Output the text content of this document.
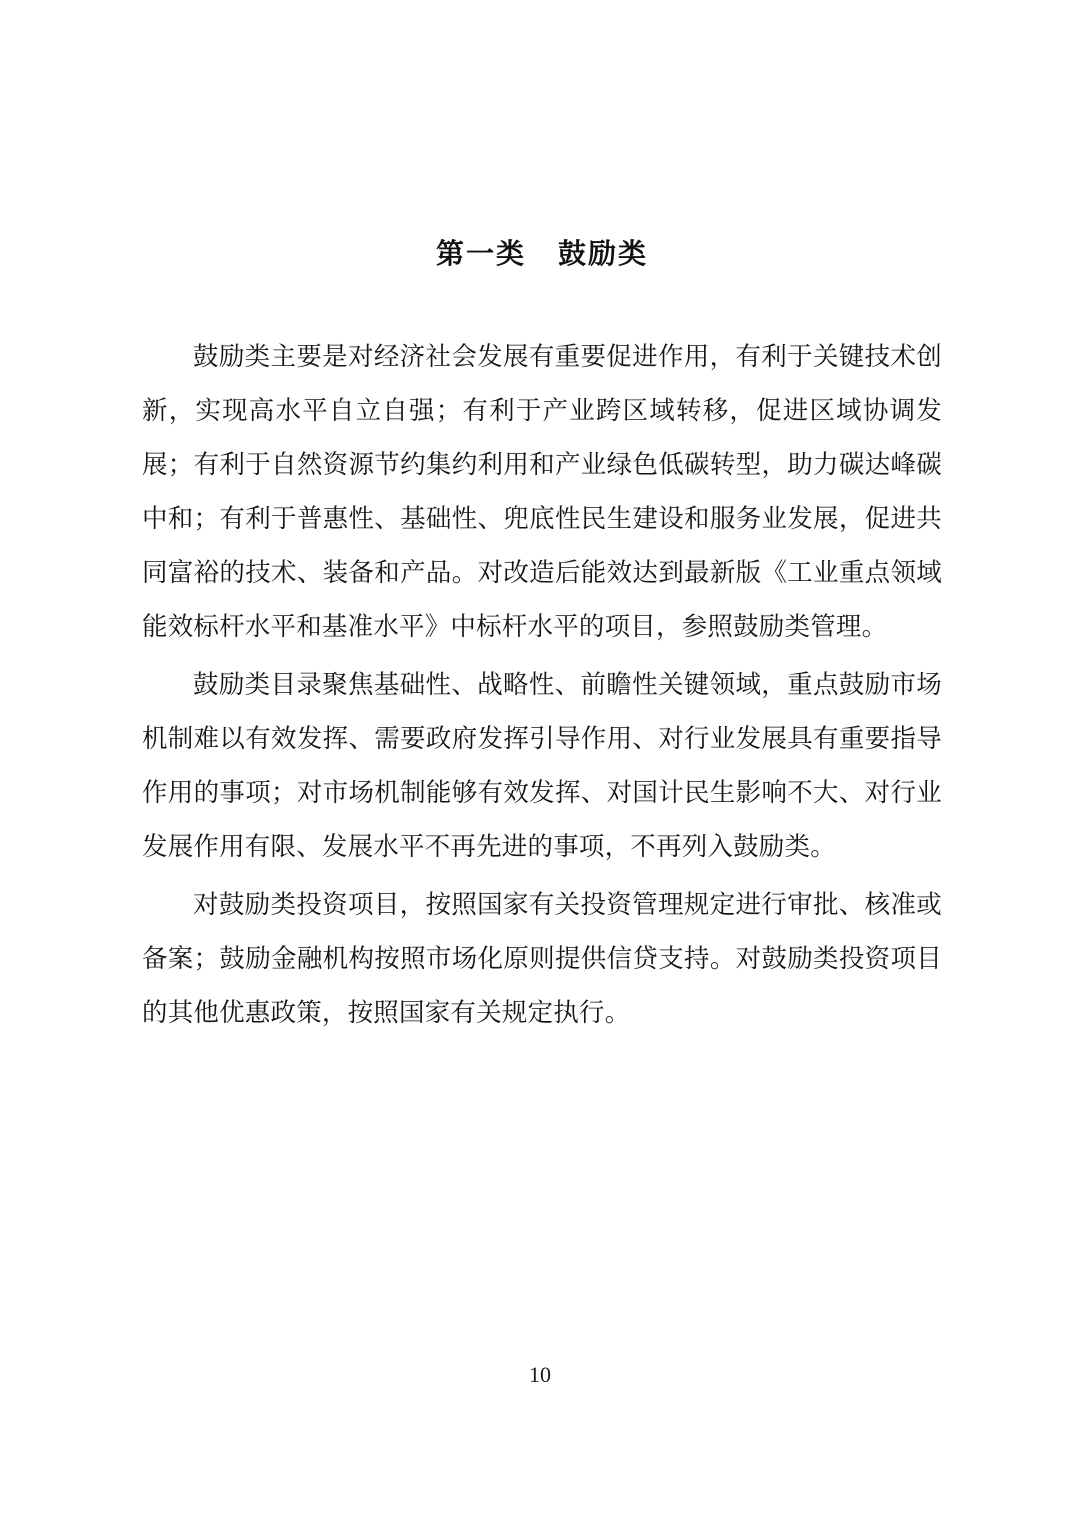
第一类 鼓励类

鼓励类主要是对经济社会发展有重要促进作用，有利于关键技术创新，实现高水平自立自强；有利于产业跨区域转移，促进区域协调发展；有利于自然资源节约集约利用和产业绿色低碳转型，助力碳达峰碳中和；有利于普惠性、基础性、兜底性民生建设和服务业发展，促进共同富裕的技术、装备和产品。对改造后能效达到最新版《工业重点领域能效标杆水平和基准水平》中标杆水平的项目，参照鼓励类管理。

鼓励类目录聚焦基础性、战略性、前瞻性关键领域，重点鼓励市场机制难以有效发挥、需要政府发挥引导作用、对行业发展具有重要指导作用的事项；对市场机制能够有效发挥、对国计民生影响不大、对行业发展作用有限、发展水平不再先进的事项，不再列入鼓励类。

对鼓励类投资项目，按照国家有关投资管理规定进行审批、核准或备案；鼓励金融机构按照市场化原则提供信贷支持。对鼓励类投资项目的其他优惠政策，按照国家有关规定执行。

10
